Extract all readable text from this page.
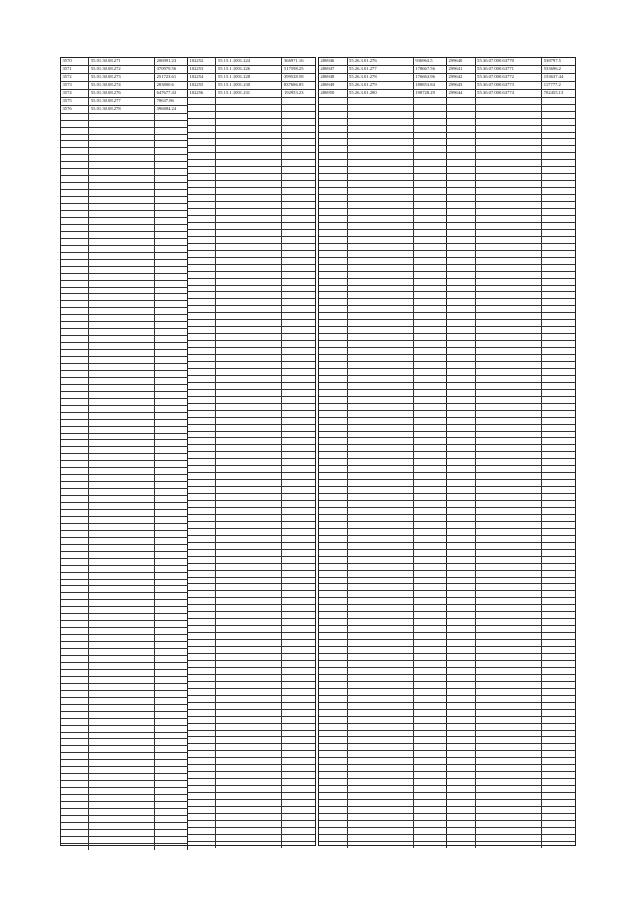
3570	55.01.30.08.271	206991.23
3571	55.01.30.08.272	370979.56
3572	55.01.30.08.273	251723.61
3573	55.01.30.08.274	283800.6
3574	55.01.30.08.276	647677.43
3575	55.01.30.08.277	78637.86
3576	55.01.30.08.278	396884.24

102252	55.15.1.1001.224	366971.16
102253	55.15.1.1001.226	517598.25
102254	55.15.1.1001.228	399528.58
102255	55.15.1.1001.230	837686.85
102256	55.15.1.1001.231	192953.23

286946	55.26.3.01.276	936963.5
286947	55.26.3.01.277	178667.56
286948	55.26.3.01.278	176663.96
286949	55.26.3.01.279	188853.84
286950	55.26.3.01.280	198728.29

299640	55.36.07.000.63770	538797.5
299641	55.36.07.000.63771	533696.2
299642	55.36.07.000.63772	153637.44
299643	55.36.07.000.63773	117777.2
299644	55.36.07.000.63774	702455.13
